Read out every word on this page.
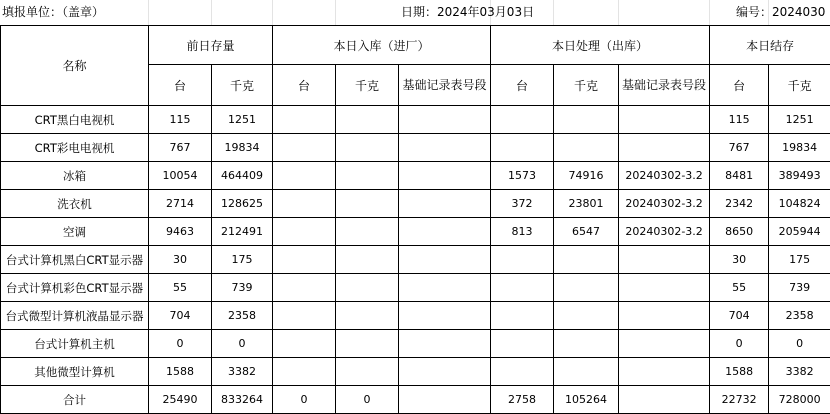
填报单位：（盖章）	日期：2024年03月03日	编号：2024030
名称	前日存量		本日入库（进厂）			本日处理（出库）			本日结存	
	台	千克	台	千克	基础记录表号段	台	千克	基础记录表号段	台	千克
CRT黑白电视机	115	1251							115	1251
CRT彩电电视机	767	19834							767	19834
冰箱	10054	464409				1573	74916	20240302-3.2	8481	389493
洗衣机	2714	128625				372	23801	20240302-3.2	2342	104824
空调	9463	212491				813	6547	20240302-3.2	8650	205944
台式计算机黑白CRT显示器	30	175							30	175
台式计算机彩色CRT显示器	55	739							55	739
台式微型计算机液晶显示器	704	2358							704	2358
台式计算机主机	0	0							0	0
其他微型计算机	1588	3382							1588	3382
合计	25490	833264	0	0		2758	105264		22732	728000
